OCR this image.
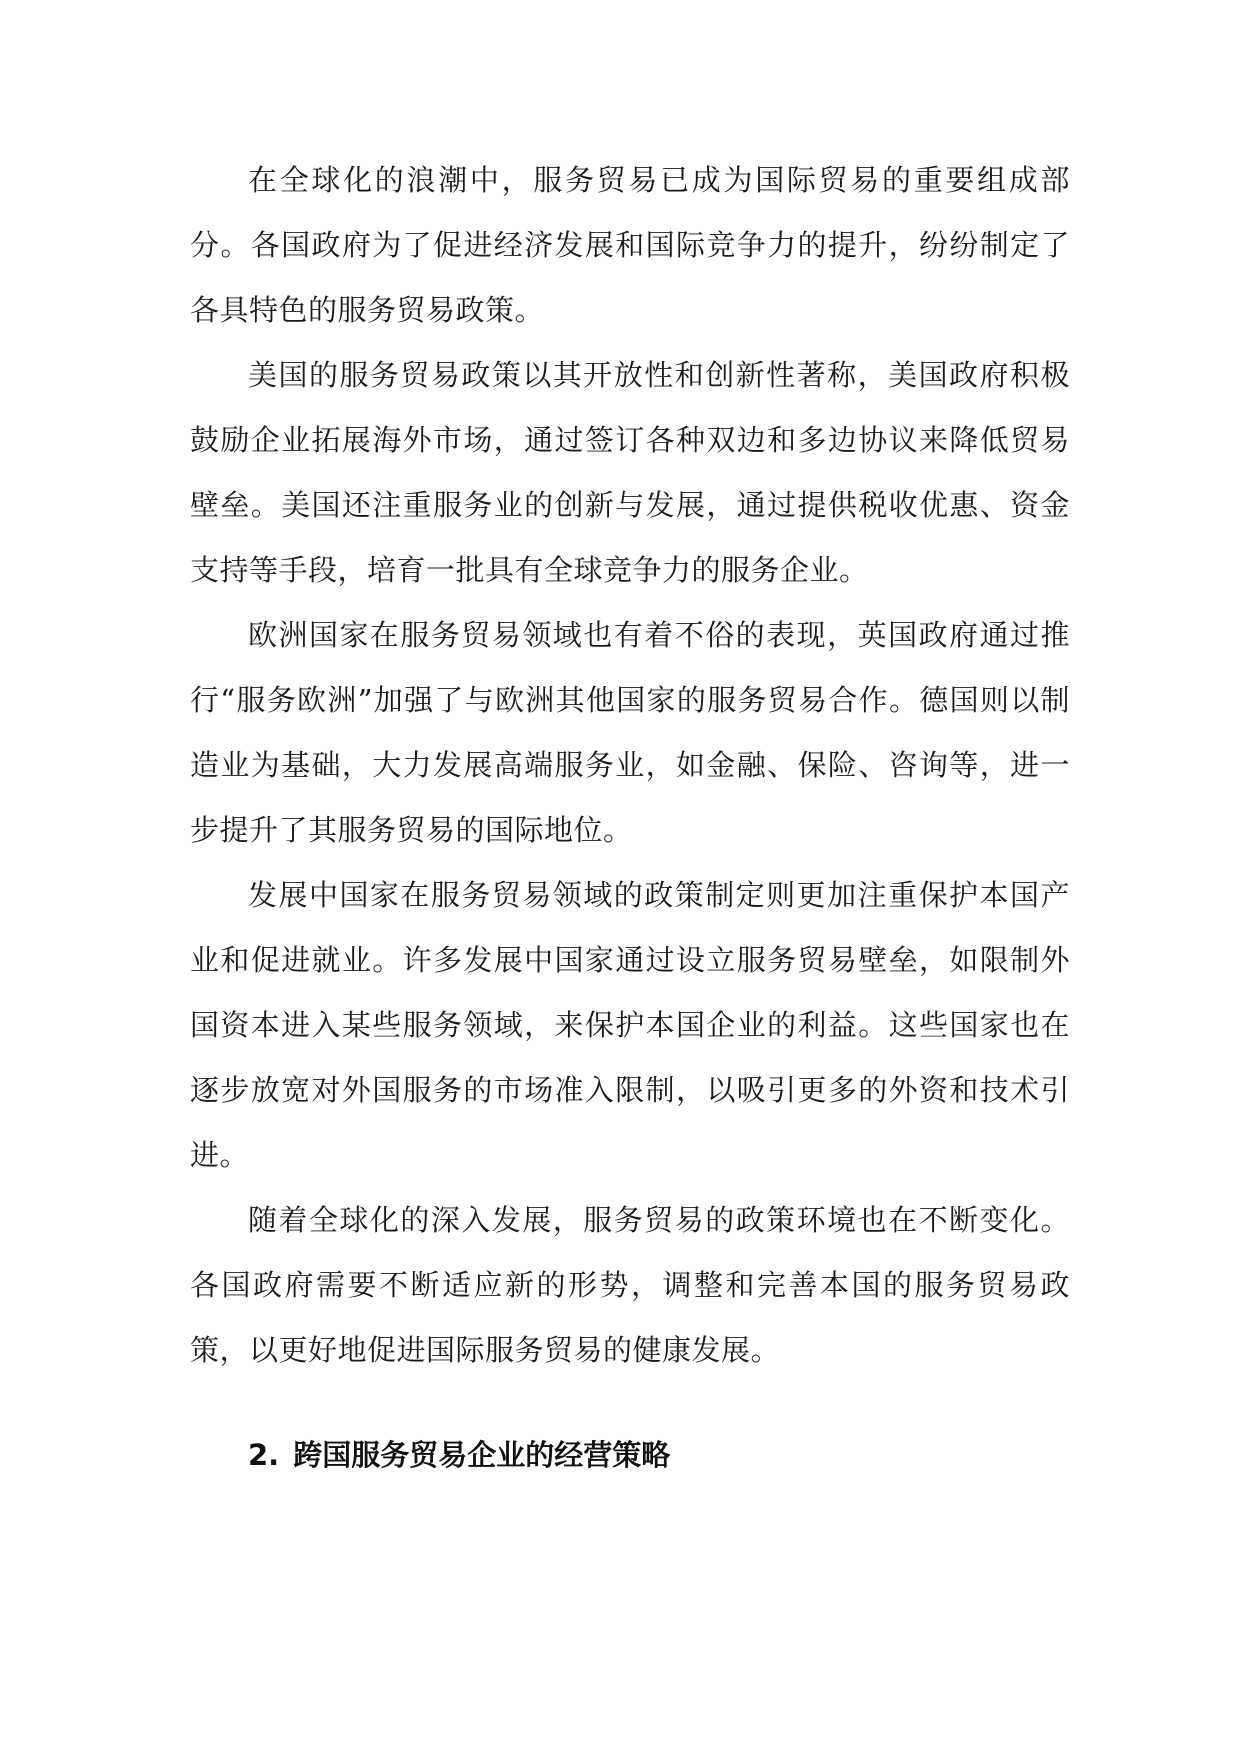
在全球化的浪潮中，服务贸易已成为国际贸易的重要组成部分。各国政府为了促进经济发展和国际竞争力的提升，纷纷制定了各具特色的服务贸易政策。

美国的服务贸易政策以其开放性和创新性著称，美国政府积极鼓励企业拓展海外市场，通过签订各种双边和多边协议来降低贸易壁垒。美国还注重服务业的创新与发展，通过提供税收优惠、资金支持等手段，培育一批具有全球竞争力的服务企业。

欧洲国家在服务贸易领域也有着不俗的表现，英国政府通过推行“服务欧洲”加强了与欧洲其他国家的服务贸易合作。德国则以制造业为基础，大力发展高端服务业，如金融、保险、咨询等，进一步提升了其服务贸易的国际地位。

发展中国家在服务贸易领域的政策制定则更加注重保护本国产业和促进就业。许多发展中国家通过设立服务贸易壁垒，如限制外国资本进入某些服务领域，来保护本国企业的利益。这些国家也在逐步放宽对外国服务的市场准入限制，以吸引更多的外资和技术引进。

随着全球化的深入发展，服务贸易的政策环境也在不断变化。各国政府需要不断适应新的形势，调整和完善本国的服务贸易政策，以更好地促进国际服务贸易的健康发展。

2. 跨国服务贸易企业的经营策略
